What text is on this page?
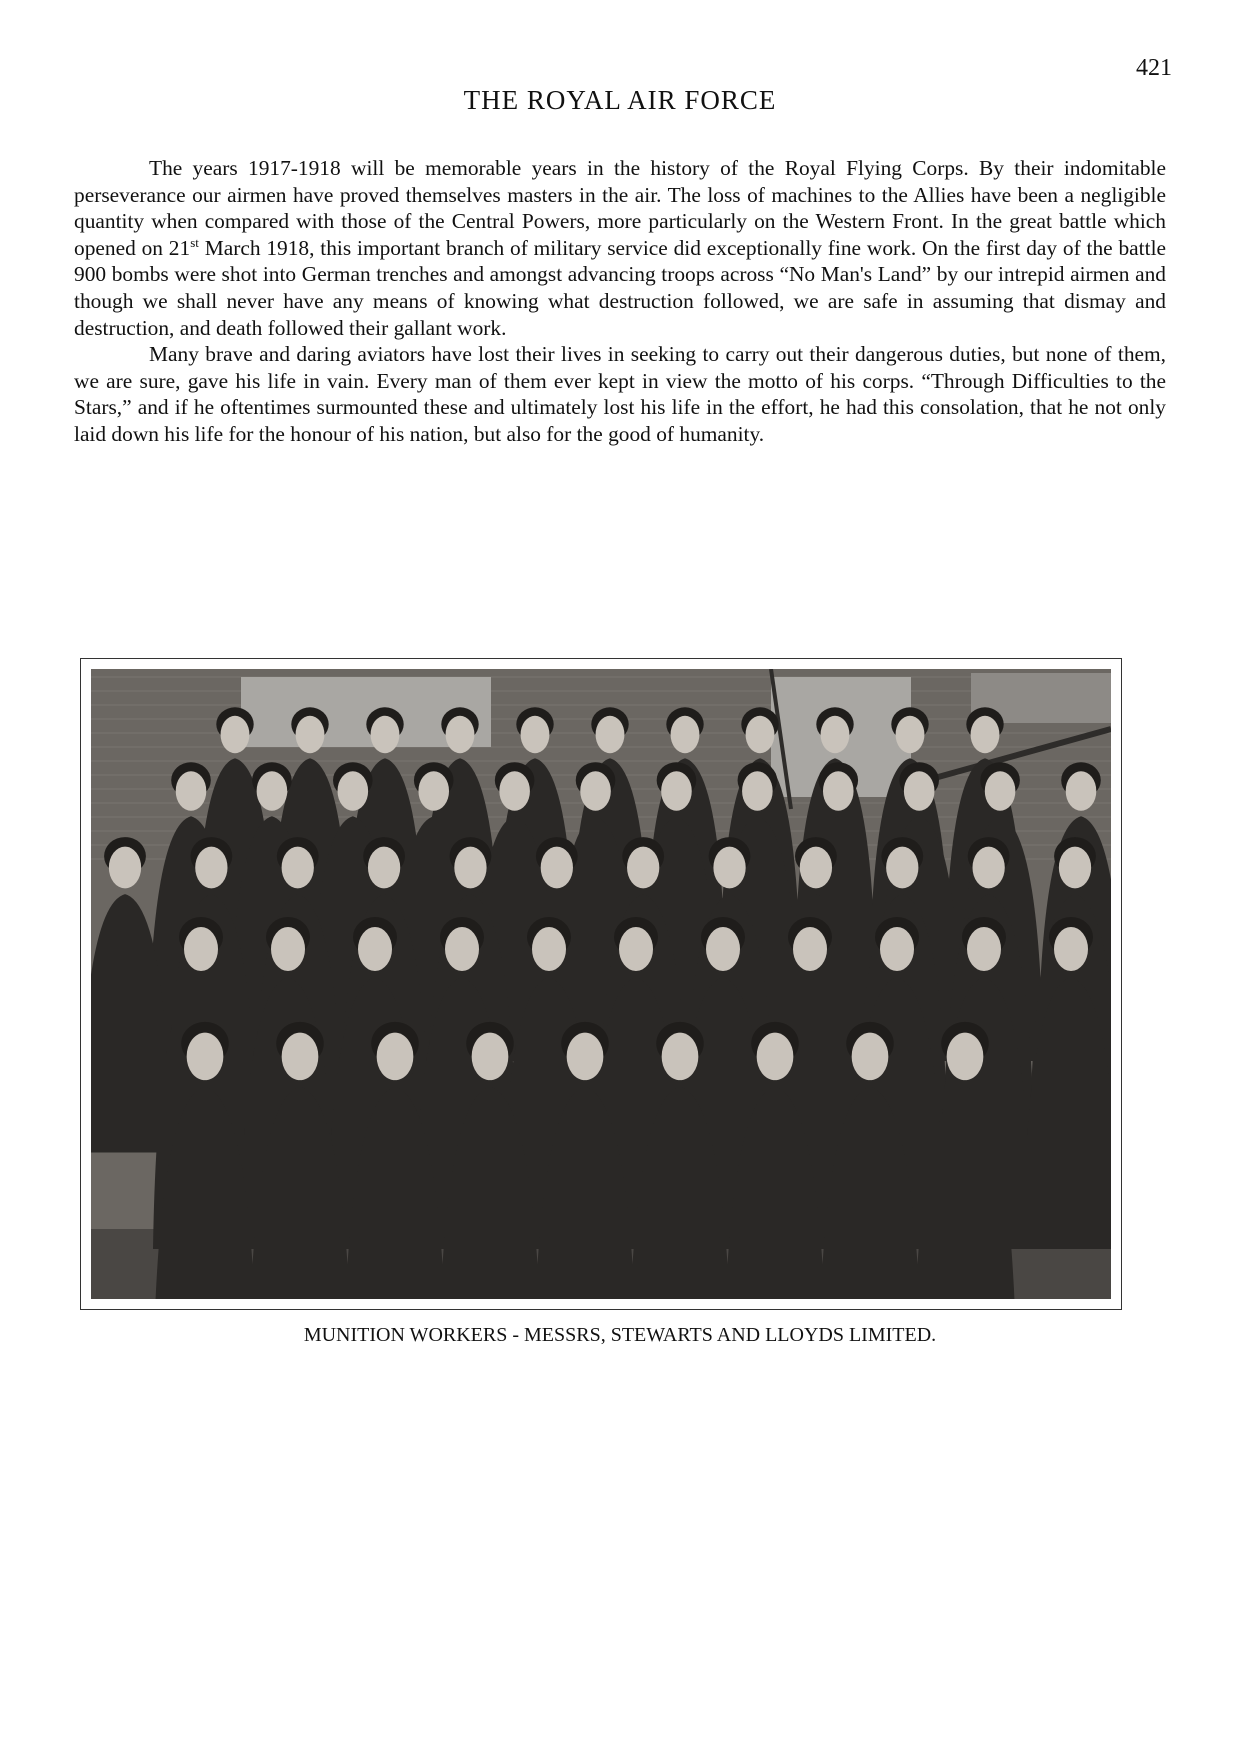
421
THE ROYAL AIR FORCE

The years 1917-1918 will be memorable years in the history of the Royal Flying Corps. By their indomitable perseverance our airmen have proved themselves masters in the air. The loss of machines to the Allies have been a negligible quantity when compared with those of the Central Powers, more particularly on the Western Front. In the great battle which opened on 21st March 1918, this important branch of military service did exceptionally fine work. On the first day of the battle 900 bombs were shot into German trenches and amongst advancing troops across “No Man's Land” by our intrepid airmen and though we shall never have any means of knowing what destruction followed, we are safe in assuming that dismay and destruction, and death followed their gallant work.

Many brave and daring aviators have lost their lives in seeking to carry out their dangerous duties, but none of them, we are sure, gave his life in vain. Every man of them ever kept in view the motto of his corps. “Through Difficulties to the Stars,” and if he oftentimes surmounted these and ultimately lost his life in the effort, he had this consolation, that he not only laid down his life for the honour of his nation, but also for the good of humanity.

MUNITION WORKERS - MESSRS, STEWARTS AND LLOYDS LIMITED.
